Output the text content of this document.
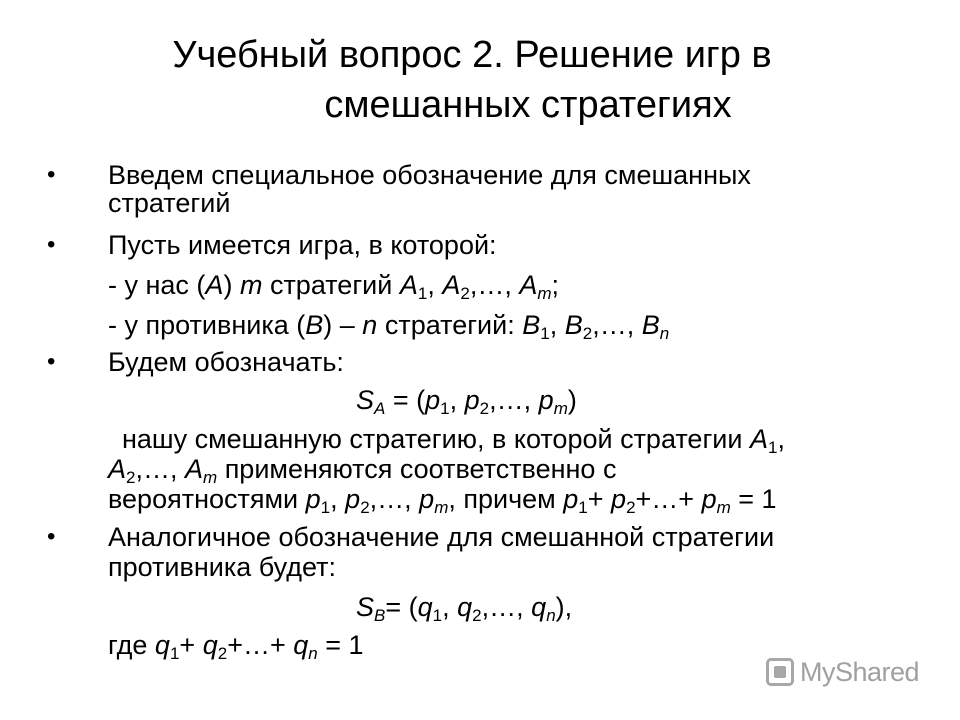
Учебный вопрос 2. Решение игр в
смешанных стратегиях
• Введем специальное обозначение для смешанных
стратегий
• Пусть имеется игра, в которой:
- у нас (A) m стратегий $A_1$, $A_2,\dots$, $A_m$;
- у противника (B) – n стратегий: $B_1$, $B_2,\dots$, $B_n$
• Будем обозначать:
$S_A = (p_1$, $p_2,\dots$, $p_m$)
нашу смешанную стратегию, в которой стратегии $A_1$,
$A_2,\dots$, $A_m$ применяются соответственно с
вероятностями $p_1$, $p_2,\dots$, $p_m$, причем $p_1+$ $p_2+\dots+ p_m = 1$
• Аналогичное обозначение для смешанной стратегии
противника будет:
$S_B= (q_1$, $q_2,\dots$, $q_n$),
где $q_1+$ $q_2+\dots+ q_n = 1$
MyShared
